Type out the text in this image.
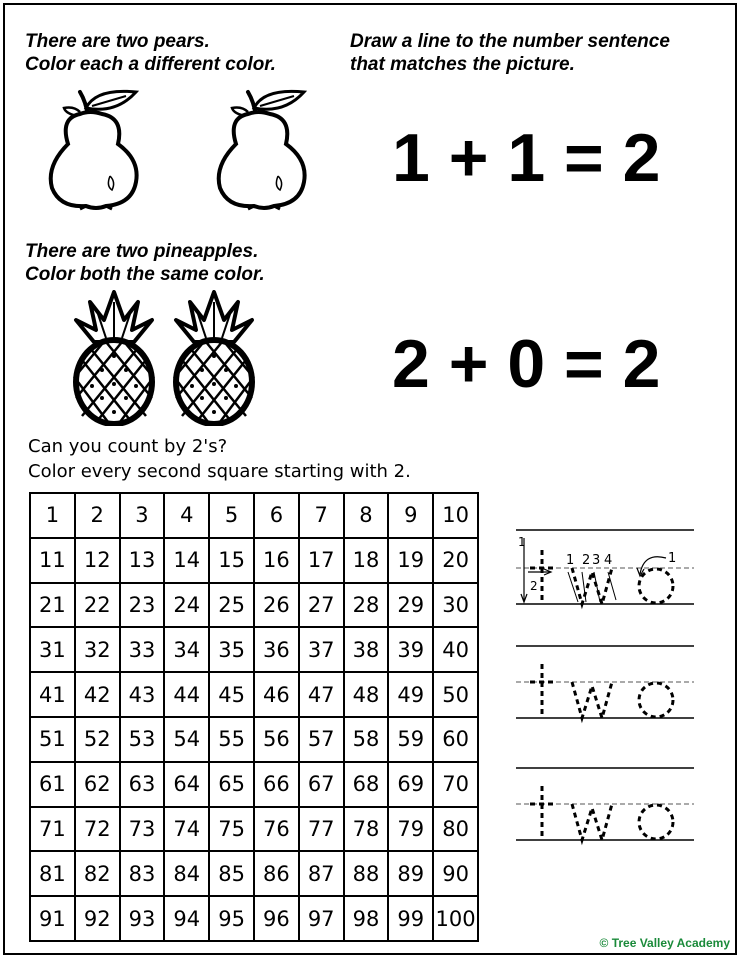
There are two pears.
Color each a different color.
Draw a line to the number sentence
that matches the picture.
1 + 1 = 2
2 + 0 = 2
There are two pineapples.
Color both the same color.
Can you count by 2's?
Color every second square starting with 2.
1	2	3	4	5	6	7	8	9	10
11	12	13	14	15	16	17	18	19	20
21	22	23	24	25	26	27	28	29	30
31	32	33	34	35	36	37	38	39	40
41	42	43	44	45	46	47	48	49	50
51	52	53	54	55	56	57	58	59	60
61	62	63	64	65	66	67	68	69	70
71	72	73	74	75	76	77	78	79	80
81	82	83	84	85	86	87	88	89	90
91	92	93	94	95	96	97	98	99	100
1
2
1 2 3 4	1
© Tree Valley Academy
